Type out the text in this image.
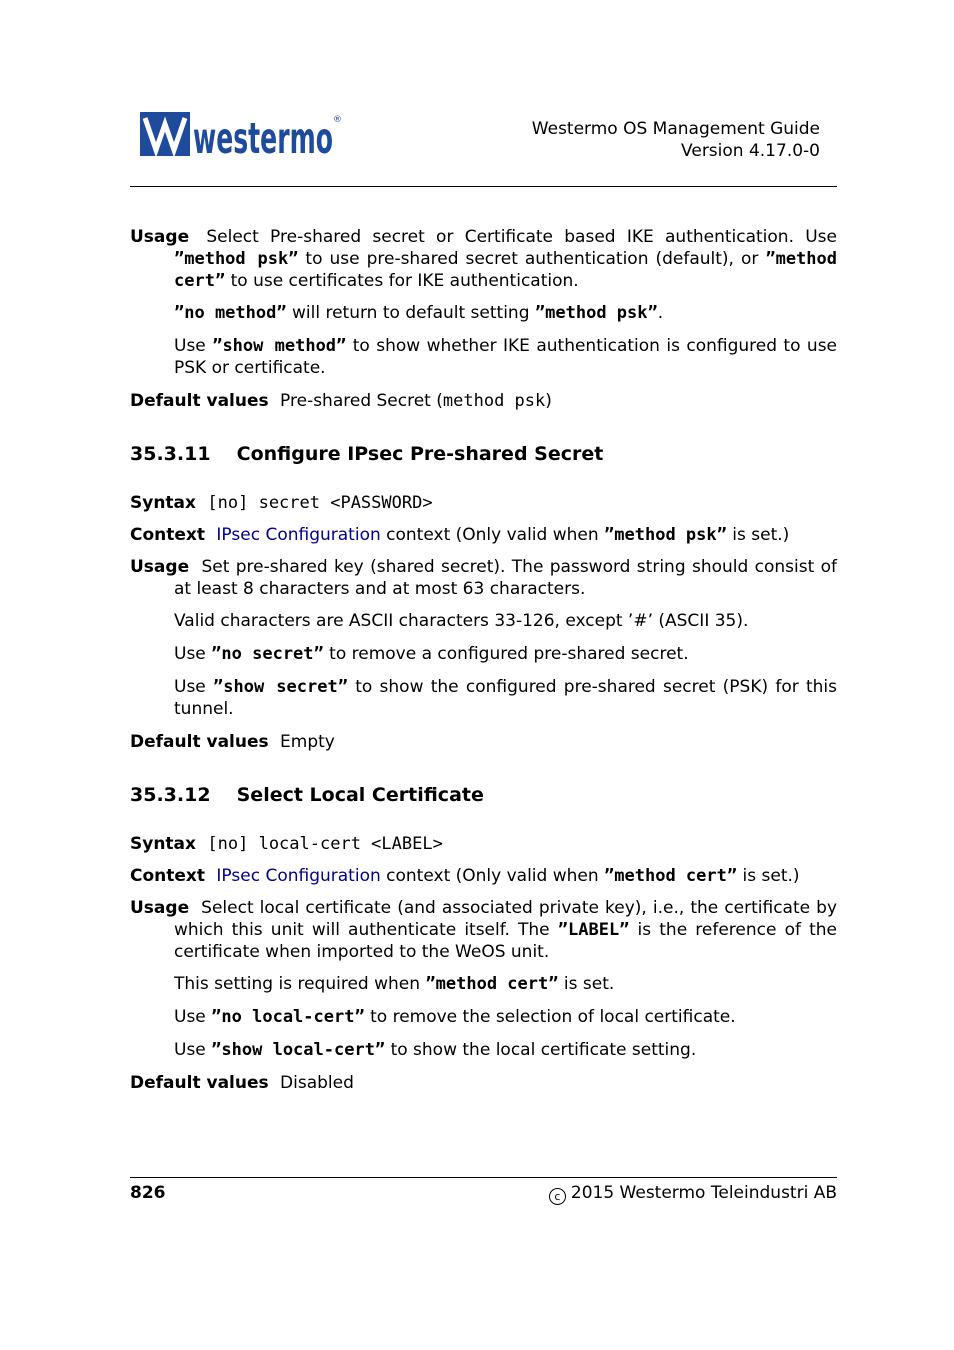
westermo ®	Westermo OS Management Guide
Version 4.17.0-0
Usage Select Pre-shared secret or Certificate based IKE authentication. Use ”method psk” to use pre-shared secret authentication (default), or ”method cert” to use certificates for IKE authentication.
”no method” will return to default setting ”method psk”.
Use ”show method” to show whether IKE authentication is configured to use PSK or certificate.
Default values Pre-shared Secret (method psk)
35.3.11 Configure IPsec Pre-shared Secret
Syntax [no] secret <PASSWORD>
Context IPsec Configuration context (Only valid when ”method psk” is set.)
Usage Set pre-shared key (shared secret). The password string should consist of at least 8 characters and at most 63 characters.
Valid characters are ASCII characters 33-126, except ’#’ (ASCII 35).
Use ”no secret” to remove a configured pre-shared secret.
Use ”show secret” to show the configured pre-shared secret (PSK) for this tunnel.
Default values Empty
35.3.12 Select Local Certificate
Syntax [no] local-cert <LABEL>
Context IPsec Configuration context (Only valid when ”method cert” is set.)
Usage Select local certificate (and associated private key), i.e., the certificate by which this unit will authenticate itself. The ”LABEL” is the reference of the certificate when imported to the WeOS unit.
This setting is required when ”method cert” is set.
Use ”no local-cert” to remove the selection of local certificate.
Use ”show local-cert” to show the local certificate setting.
Default values Disabled
826	c 2015 Westermo Teleindustri AB
